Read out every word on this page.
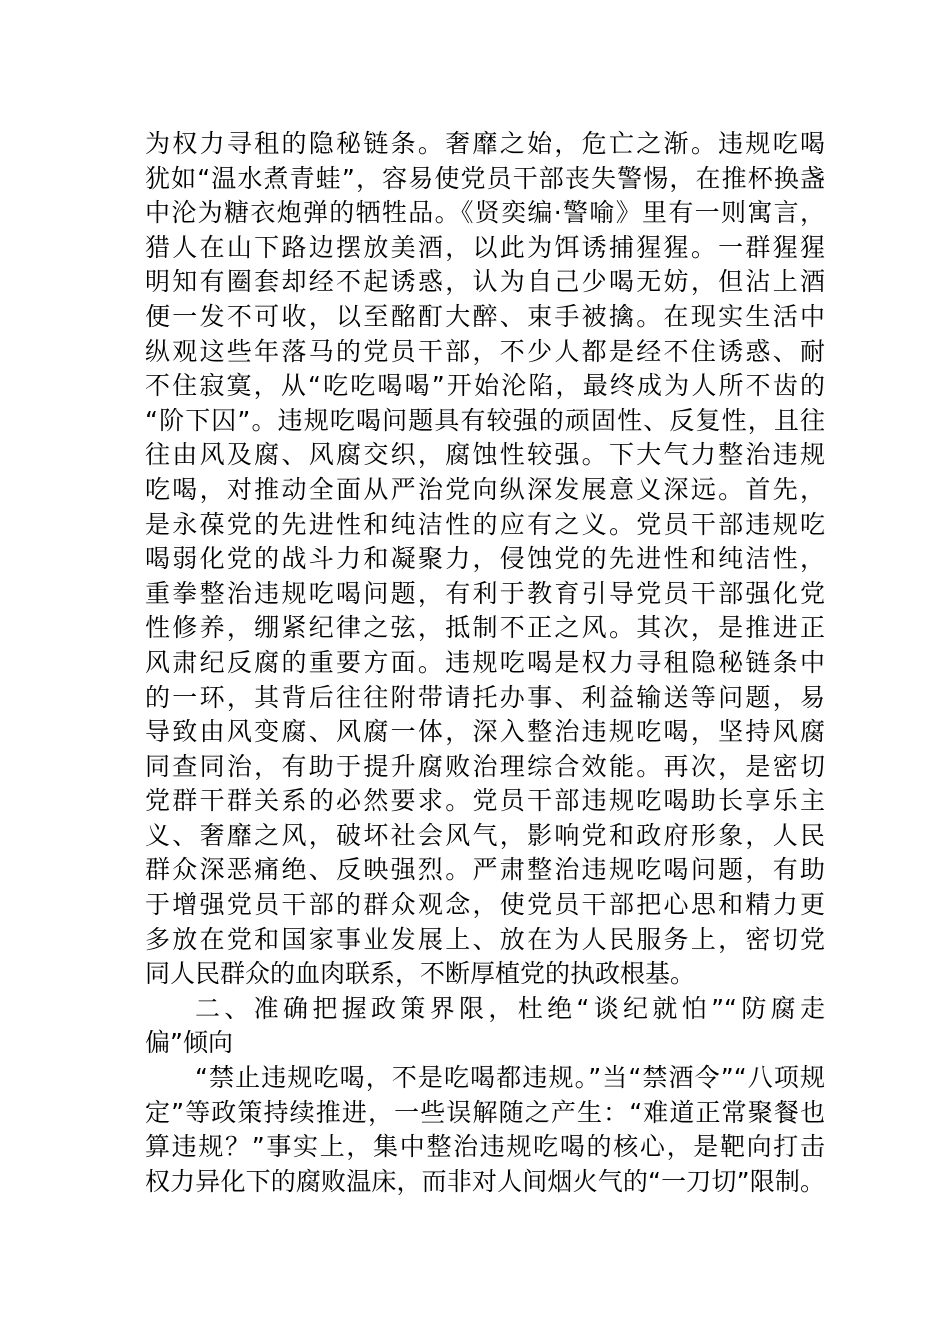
为权力寻租的隐秘链条。奢靡之始，危亡之渐。违规吃喝
犹如“温水煮青蛙”，容易使党员干部丧失警惕，在推杯换盏
中沦为糖衣炮弹的牺牲品。《贤奕编·警喻》里有一则寓言，
猎人在山下路边摆放美酒，以此为饵诱捕猩猩。一群猩猩
明知有圈套却经不起诱惑，认为自己少喝无妨，但沾上酒
便一发不可收，以至酩酊大醉、束手被擒。在现实生活中
纵观这些年落马的党员干部，不少人都是经不住诱惑、耐
不住寂寞，从“吃吃喝喝”开始沦陷，最终成为人所不齿的
“阶下囚”。违规吃喝问题具有较强的顽固性、反复性，且往
往由风及腐、风腐交织，腐蚀性较强。下大气力整治违规
吃喝，对推动全面从严治党向纵深发展意义深远。首先，
是永葆党的先进性和纯洁性的应有之义。党员干部违规吃
喝弱化党的战斗力和凝聚力，侵蚀党的先进性和纯洁性，
重拳整治违规吃喝问题，有利于教育引导党员干部强化党
性修养，绷紧纪律之弦，抵制不正之风。其次，是推进正
风肃纪反腐的重要方面。违规吃喝是权力寻租隐秘链条中
的一环，其背后往往附带请托办事、利益输送等问题，易
导致由风变腐、风腐一体，深入整治违规吃喝，坚持风腐
同查同治，有助于提升腐败治理综合效能。再次，是密切
党群干群关系的必然要求。党员干部违规吃喝助长享乐主
义、奢靡之风，破坏社会风气，影响党和政府形象，人民
群众深恶痛绝、反映强烈。严肃整治违规吃喝问题，有助
于增强党员干部的群众观念，使党员干部把心思和精力更
多放在党和国家事业发展上、放在为人民服务上，密切党
同人民群众的血肉联系，不断厚植党的执政根基。
二、准确把握政策界限，杜绝“谈纪就怕”“防腐走
偏”倾向
“禁止违规吃喝，不是吃喝都违规。”当“禁酒令”“八项规
定”等政策持续推进，一些误解随之产生：“难道正常聚餐也
算违规？”事实上，集中整治违规吃喝的核心，是靶向打击
权力异化下的腐败温床，而非对人间烟火气的“一刀切”限制。
